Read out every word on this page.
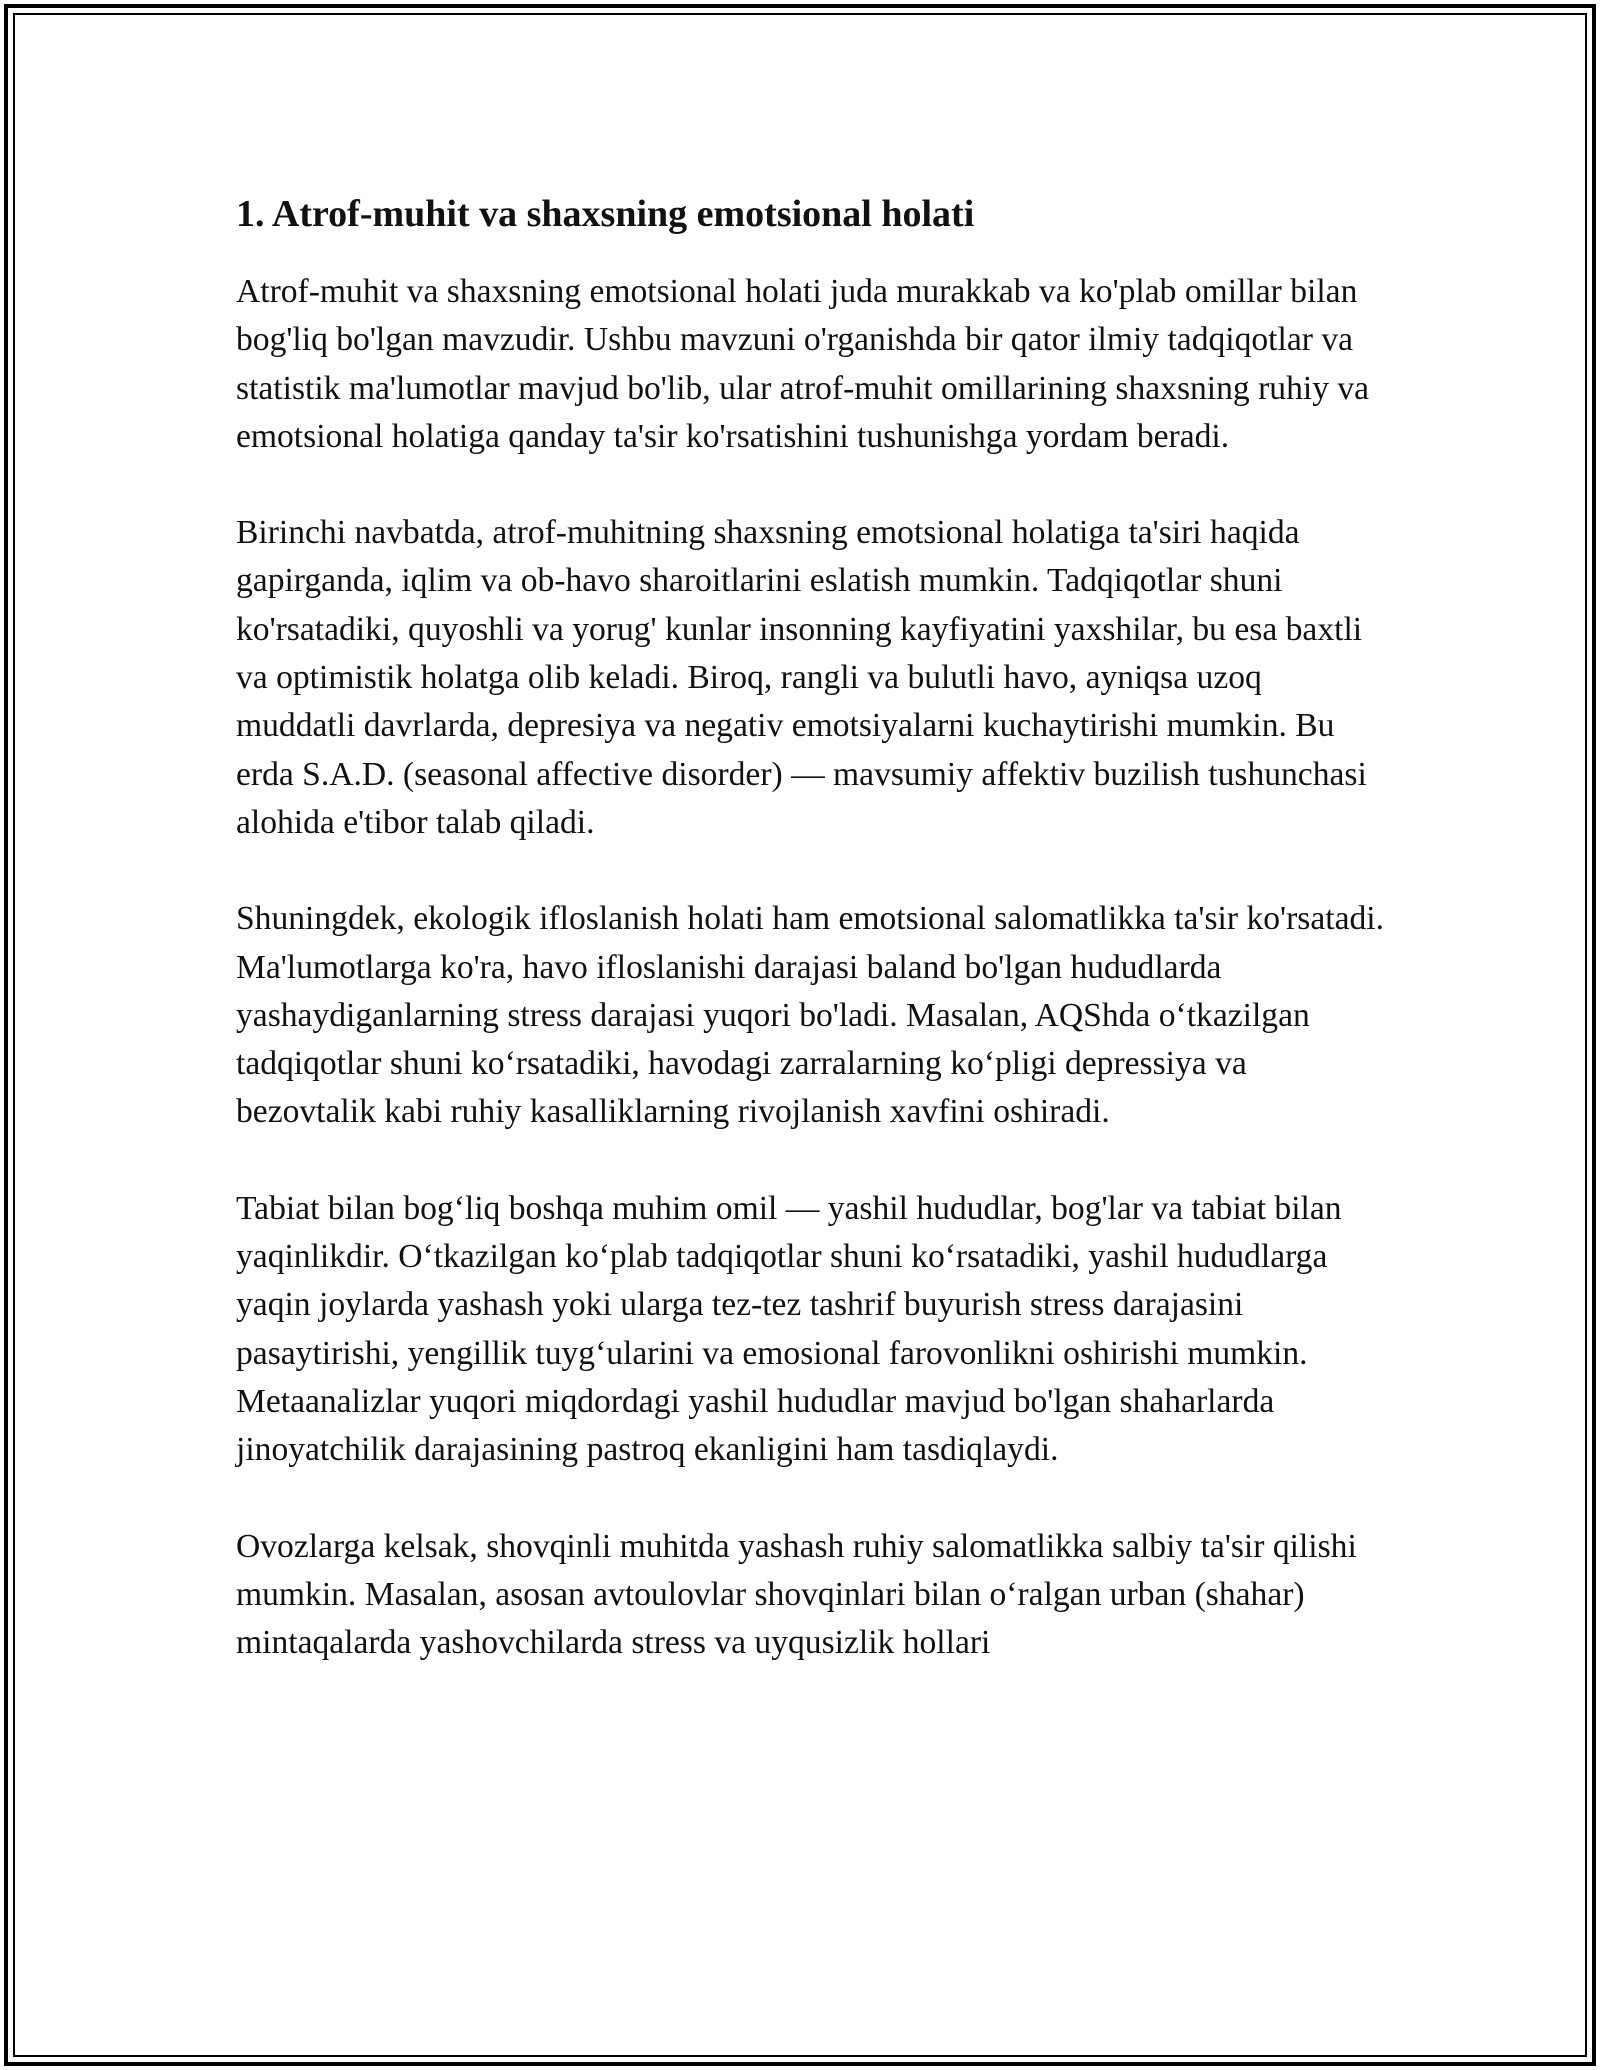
1. Atrof-muhit va shaxsning emotsional holati

Atrof-muhit va shaxsning emotsional holati juda murakkab va ko'plab omillar bilan bog'liq bo'lgan mavzudir. Ushbu mavzuni o'rganishda bir qator ilmiy tadqiqotlar va statistik ma'lumotlar mavjud bo'lib, ular atrof-muhit omillarining shaxsning ruhiy va emotsional holatiga qanday ta'sir ko'rsatishini tushunishga yordam beradi.

Birinchi navbatda, atrof-muhitning shaxsning emotsional holatiga ta'siri haqida gapirganda, iqlim va ob-havo sharoitlarini eslatish mumkin. Tadqiqotlar shuni ko'rsatadiki, quyoshli va yorug' kunlar insonning kayfiyatini yaxshilar, bu esa baxtli va optimistik holatga olib keladi. Biroq, rangli va bulutli havo, ayniqsa uzoq muddatli davrlarda, depresiya va negativ emotsiyalarni kuchaytirishi mumkin. Bu erda S.A.D. (seasonal affective disorder) — mavsumiy affektiv buzilish tushunchasi alohida e'tibor talab qiladi.

Shuningdek, ekologik ifloslanish holati ham emotsional salomatlikka ta'sir ko'rsatadi. Ma'lumotlarga ko'ra, havo ifloslanishi darajasi baland bo'lgan hududlarda yashaydiganlarning stress darajasi yuqori bo'ladi. Masalan, AQShda o‘tkazilgan tadqiqotlar shuni ko‘rsatadiki, havodagi zarralarning ko‘pligi depressiya va bezovtalik kabi ruhiy kasalliklarning rivojlanish xavfini oshiradi.

Tabiat bilan bog‘liq boshqa muhim omil — yashil hududlar, bog'lar va tabiat bilan yaqinlikdir. O‘tkazilgan ko‘plab tadqiqotlar shuni ko‘rsatadiki, yashil hududlarga yaqin joylarda yashash yoki ularga tez-tez tashrif buyurish stress darajasini pasaytirishi, yengillik tuyg‘ularini va emosional farovonlikni oshirishi mumkin. Metaanalizlar yuqori miqdordagi yashil hududlar mavjud bo'lgan shaharlarda jinoyatchilik darajasining pastroq ekanligini ham tasdiqlaydi.

Ovozlarga kelsak, shovqinli muhitda yashash ruhiy salomatlikka salbiy ta'sir qilishi mumkin. Masalan, asosan avtoulovlar shovqinlari bilan o‘ralgan urban (shahar) mintaqalarda yashovchilarda stress va uyqusizlik hollari
